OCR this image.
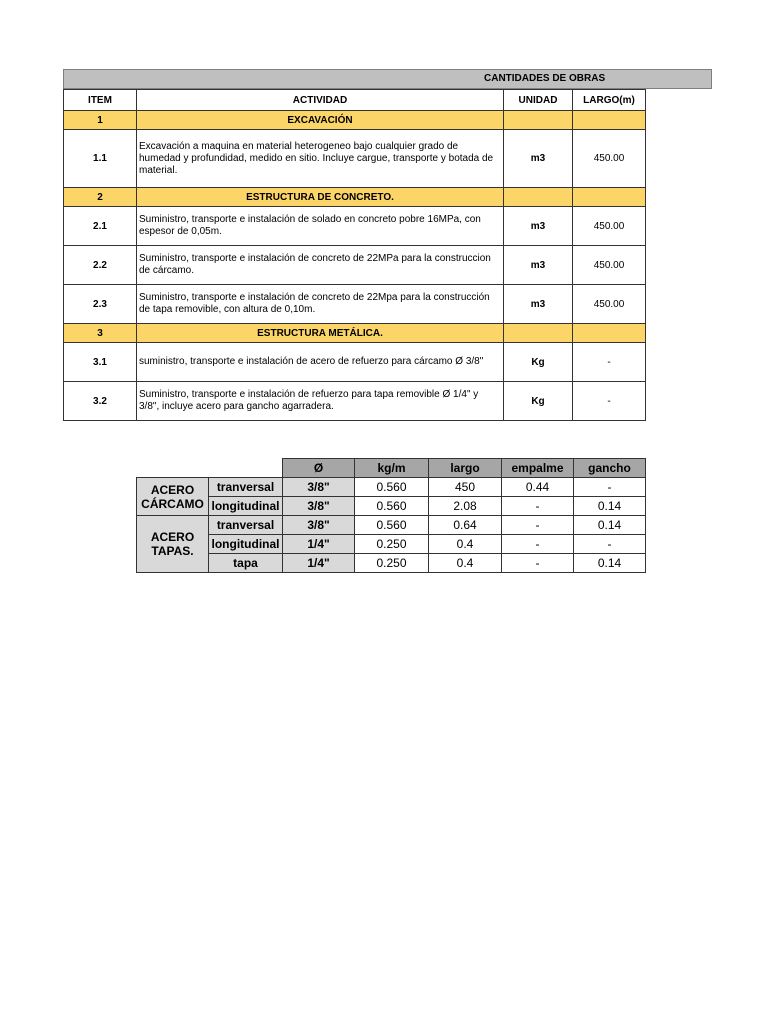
CANTIDADES DE OBRAS
ITEM	ACTIVIDAD	UNIDAD	LARGO(m)
1	EXCAVACIÓN		
1.1	Excavación a maquina en material heterogeneo bajo cualquier grado de humedad y profundidad, medido en sitio. Incluye cargue, transporte y botada de material.	m3	450.00
2	ESTRUCTURA DE CONCRETO.		
2.1	Suministro, transporte e instalación de solado en concreto pobre 16MPa, con espesor de 0,05m.	m3	450.00
2.2	Suministro, transporte e instalación de concreto de 22MPa para la construccion de cárcamo.	m3	450.00
2.3	Suministro, transporte e instalación de concreto de 22Mpa para la construcción de tapa removible, con altura de 0,10m.	m3	450.00
3	ESTRUCTURA METÁLICA.		
3.1	suministro, transporte e instalación de acero de refuerzo para cárcamo Ø 3/8"	Kg	-
3.2	Suministro, transporte e instalación de refuerzo para tapa removible Ø 1/4" y 3/8", incluye acero para gancho agarradera.	Kg	-
		Ø	kg/m	largo	empalme	gancho
ACERO CÁRCAMO	tranversal	3/8"	0.560	450	0.44	-
	longitudinal	3/8"	0.560	2.08	-	0.14
ACERO TAPAS.	tranversal	3/8"	0.560	0.64	-	0.14
	longitudinal	1/4"	0.250	0.4	-	-
	tapa	1/4"	0.250	0.4	-	0.14
